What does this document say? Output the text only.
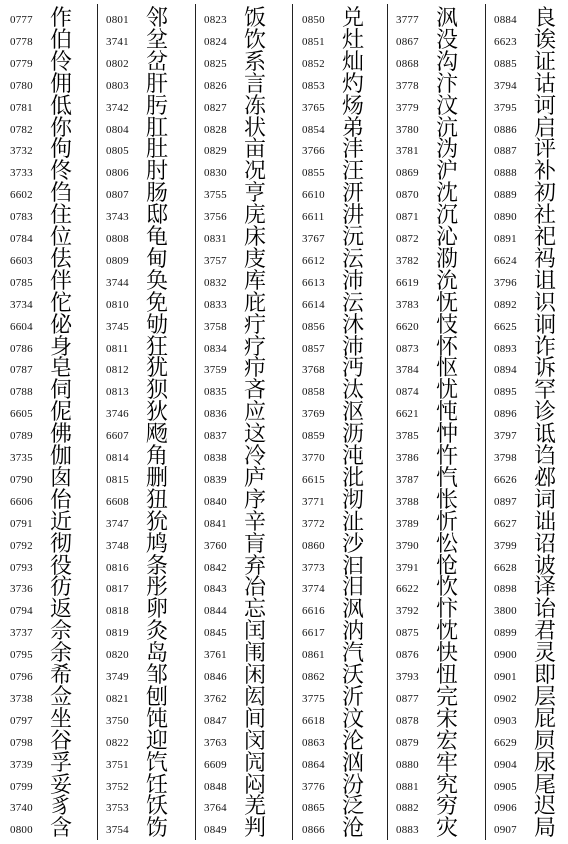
0777 作
0778 伯
0779 伶
0780 佣
0781 低
0782 你
3732 佝
3733 佟
6602 㑇
0783 住
0784 位
6603 佉
0785 伴
3734 佗
6604 佖
0786 身
0787 皂
0788 伺
6605 伲
0789 佛
3735 伽
0790 囱
6606 佁
0791 近
0792 彻
0793 役
3736 彷
0794 返
3737 佘
0795 余
0796 希
3738 佥
0797 坐
0798 谷
3739 孚
0799 妥
3740 豸
0800 含
0801 邻
3741 坌
0802 岔
0803 肝
3742 肟
0804 肛
0805 肚
0806 肘
0807 肠
3743 邸
0808 龟
0809 甸
3744 奂
0810 免
3745 劬
0811 狂
0812 犹
0813 狈
3746 狄
6607 飏
0814 角
0815 删
6608 狃
3747 狁
3748 鸠
0816 条
0817 彤
0818 卵
0819 灸
0820 岛
3749 邹
0821 刨
3750 饨
0822 迎
3751 饩
3752 饪
3753 饫
3754 饬
0823 饭
0824 饮
0825 系
0826 言
0827 冻
0828 状
0829 亩
0830 况
3755 亨
3756 庑
0831 床
3757 庋
0832 库
0833 庇
3758 疔
0834 疗
3759 疖
0835 吝
0836 应
0837 这
0838 冷
0839 庐
0840 序
0841 辛
3760 肓
0842 弃
0843 冶
0844 忘
0845 闰
3761 闱
0846 闲
3762 闳
0847 间
3763 闵
6609 闶
0848 闷
3764 羌
0849 判
0850 兑
0851 灶
0852 灿
0853 灼
3765 炀
0854 弟
3766 沣
0855 汪
6610 汧
6611 汫
3767 沅
6612 沄
6613 沛
6614 沄
0856 沐
0857 沛
3768 沔
0858 汰
3769 沤
0859 沥
3770 沌
6615 沘
3771 沏
3772 沚
0860 沙
3773 汩
3774 汨
6616 沨
6617 汭
0861 汽
0862 沃
3775 沂
6618 汶
0863 沦
0864 汹
3776 汾
0865 泛
0866 沧
3777 沨
0867 没
0868 沟
3778 汴
3779 汶
3780 沆
3781 沩
0869 沪
0870 沈
0871 沉
0872 沁
3782 泐
6619 沇
3783 怃
6620 忮
0873 怀
3784 怄
0874 忧
6621 忳
3785 忡
3786 忤
3787 忾
3788 怅
3789 忻
3790 忪
3791 怆
6622 忺
3792 忭
0875 忱
0876 快
3793 忸
0877 完
0878 宋
0879 宏
0880 牢
0881 究
0882 穷
0883 灾
0884 良
6623 诶
0885 证
3794 诂
3795 诃
0886 启
0887 评
0888 补
0889 初
0890 社
0891 祀
6624 祃
3796 诅
0892 识
6625 诇
0893 诈
0894 诉
0895 罕
0896 诊
3797 诋
3798 诌
6626 邲
0897 词
6627 诎
3799 诏
6628 诐
0898 译
3800 诒
0899 君
0900 灵
0901 即
0902 层
0903 屁
6629 屃
0904 尿
0905 尾
0906 迟
0907 局
